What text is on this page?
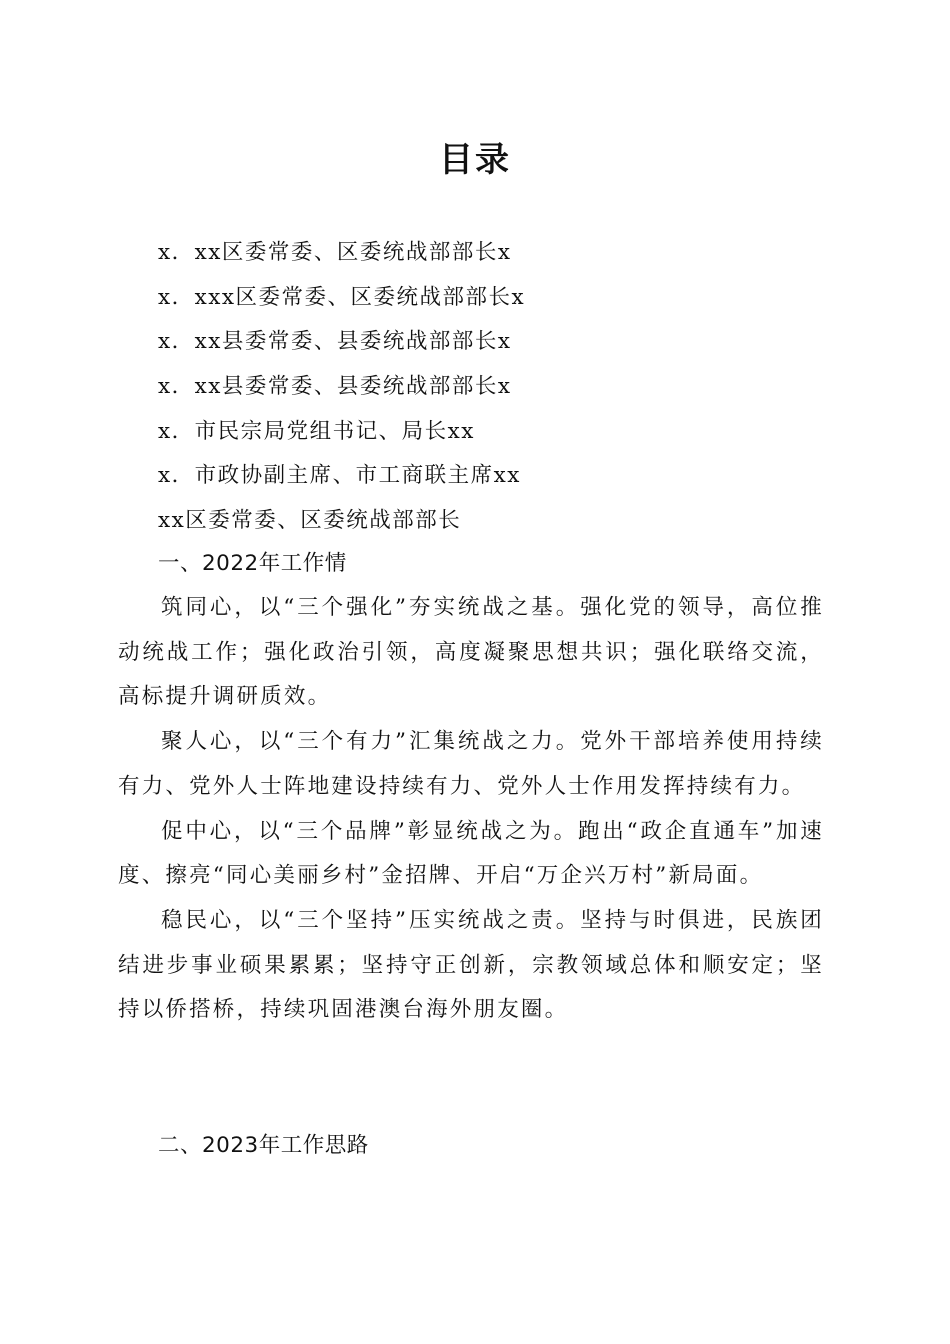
目录
x．xx区委常委、区委统战部部长x
x．xxx区委常委、区委统战部部长x
x．xx县委常委、县委统战部部长x
x．xx县委常委、县委统战部部长x
x．市民宗局党组书记、局长xx
x．市政协副主席、市工商联主席xx
xx区委常委、区委统战部部长
一、2022年工作情

筑同心，以“三个强化”夯实统战之基。强化党的领导，高位推动统战工作；强化政治引领，高度凝聚思想共识；强化联络交流，高标提升调研质效。

聚人心，以“三个有力”汇集统战之力。党外干部培养使用持续有力、党外人士阵地建设持续有力、党外人士作用发挥持续有力。

促中心，以“三个品牌”彰显统战之为。跑出“政企直通车”加速度、擦亮“同心美丽乡村”金招牌、开启“万企兴万村”新局面。

稳民心，以“三个坚持”压实统战之责。坚持与时俱进，民族团结进步事业硕果累累；坚持守正创新，宗教领域总体和顺安定；坚持以侨搭桥，持续巩固港澳台海外朋友圈。

二、2023年工作思路
